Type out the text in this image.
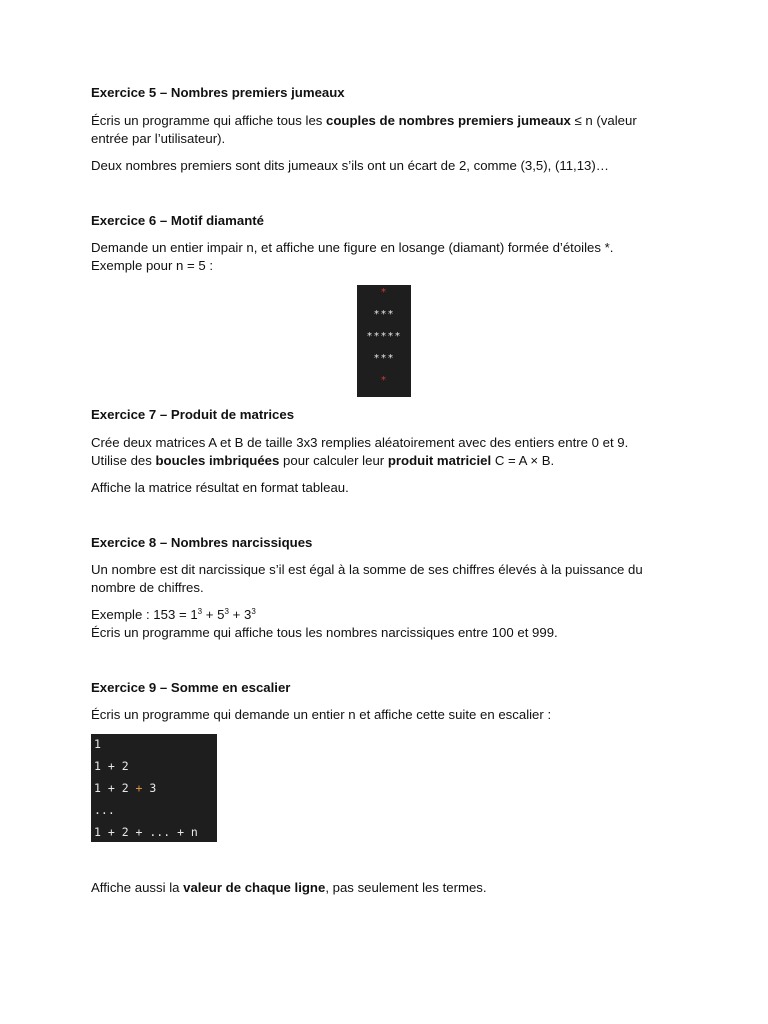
Exercice 5 – Nombres premiers jumeaux
Écris un programme qui affiche tous les couples de nombres premiers jumeaux ≤ n (valeur
entrée par l’utilisateur).
Deux nombres premiers sont dits jumeaux s’ils ont un écart de 2, comme (3,5), (11,13)…
Exercice 6 – Motif diamanté
Demande un entier impair n, et affiche une figure en losange (diamant) formée d’étoiles *.
Exemple pour n = 5 :
*
***
*****
***
*
Exercice 7 – Produit de matrices
Crée deux matrices A et B de taille 3x3 remplies aléatoirement avec des entiers entre 0 et 9.
Utilise des boucles imbriquées pour calculer leur produit matriciel C = A × B.
Affiche la matrice résultat en format tableau.
Exercice 8 – Nombres narcissiques
Un nombre est dit narcissique s’il est égal à la somme de ses chiffres élevés à la puissance du
nombre de chiffres.
Exemple : $153 = 1^3 + 5^3 + 3^3$
Écris un programme qui affiche tous les nombres narcissiques entre 100 et 999.
Exercice 9 – Somme en escalier
Écris un programme qui demande un entier n et affiche cette suite en escalier :
1
1 + 2
1 + 2 + 3
...
1 + 2 + ... + n
Affiche aussi la valeur de chaque ligne, pas seulement les termes.
